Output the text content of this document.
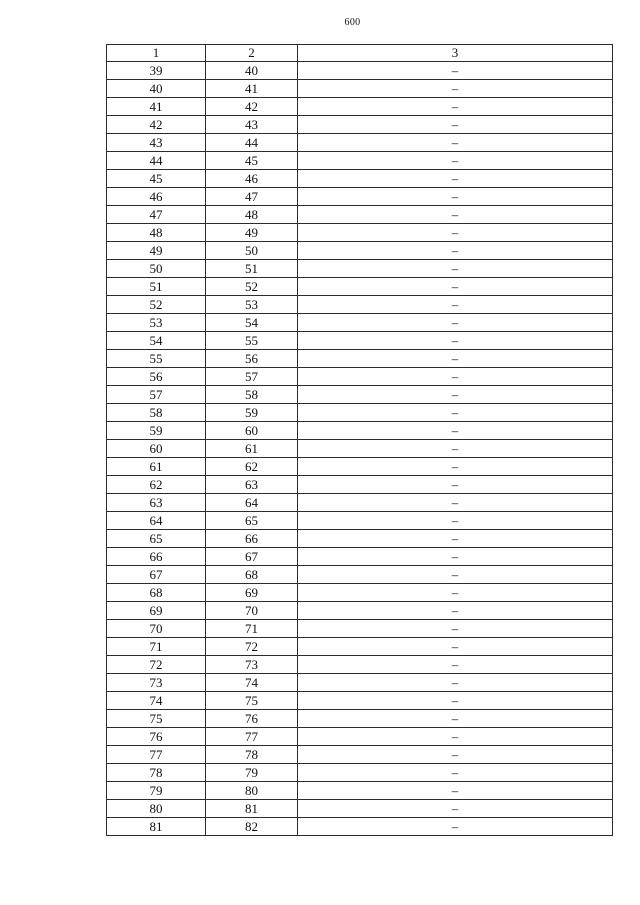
600
1	2	3
39	40	–
40	41	–
41	42	–
42	43	–
43	44	–
44	45	–
45	46	–
46	47	–
47	48	–
48	49	–
49	50	–
50	51	–
51	52	–
52	53	–
53	54	–
54	55	–
55	56	–
56	57	–
57	58	–
58	59	–
59	60	–
60	61	–
61	62	–
62	63	–
63	64	–
64	65	–
65	66	–
66	67	–
67	68	–
68	69	–
69	70	–
70	71	–
71	72	–
72	73	–
73	74	–
74	75	–
75	76	–
76	77	–
77	78	–
78	79	–
79	80	–
80	81	–
81	82	–
